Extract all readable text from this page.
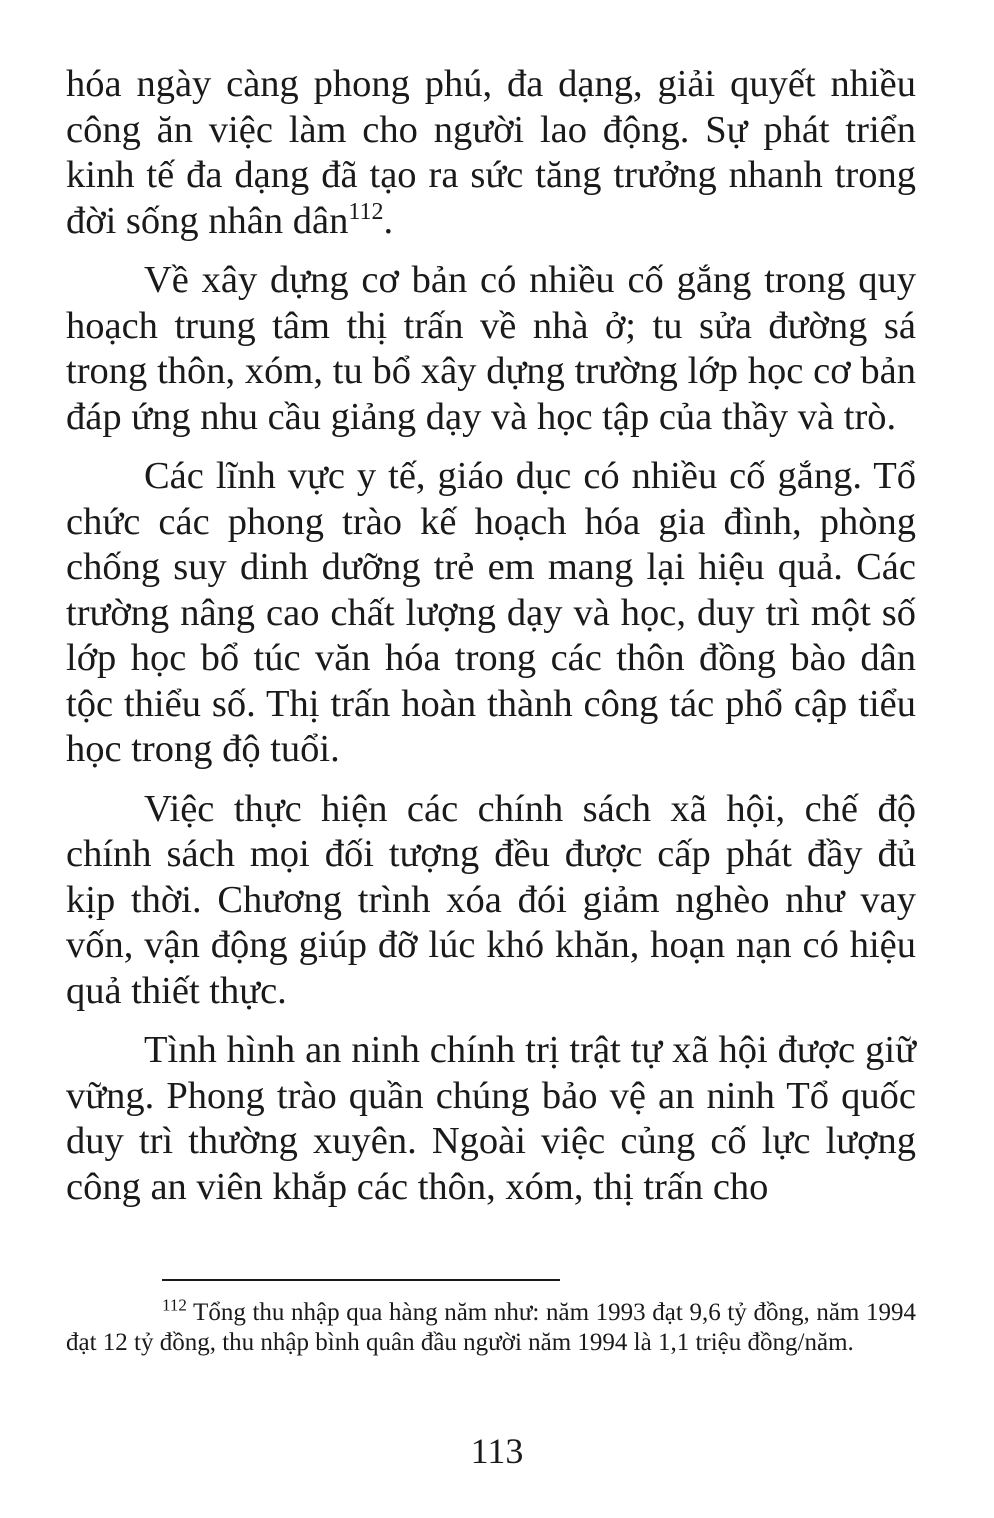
hóa ngày càng phong phú, đa dạng, giải quyết nhiều công ăn việc làm cho người lao động. Sự phát triển kinh tế đa dạng đã tạo ra sức tăng trưởng nhanh trong đời sống nhân dân$^{112}$.

Về xây dựng cơ bản có nhiều cố gắng trong quy hoạch trung tâm thị trấn về nhà ở; tu sửa đường sá trong thôn, xóm, tu bổ xây dựng trường lớp học cơ bản đáp ứng nhu cầu giảng dạy và học tập của thầy và trò.

Các lĩnh vực y tế, giáo dục có nhiều cố gắng. Tổ chức các phong trào kế hoạch hóa gia đình, phòng chống suy dinh dưỡng trẻ em mang lại hiệu quả. Các trường nâng cao chất lượng dạy và học, duy trì một số lớp học bổ túc văn hóa trong các thôn đồng bào dân tộc thiểu số. Thị trấn hoàn thành công tác phổ cập tiểu học trong độ tuổi.

Việc thực hiện các chính sách xã hội, chế độ chính sách mọi đối tượng đều được cấp phát đầy đủ kịp thời. Chương trình xóa đói giảm nghèo như vay vốn, vận động giúp đỡ lúc khó khăn, hoạn nạn có hiệu quả thiết thực.

Tình hình an ninh chính trị trật tự xã hội được giữ vững. Phong trào quần chúng bảo vệ an ninh Tổ quốc duy trì thường xuyên. Ngoài việc củng cố lực lượng công an viên khắp các thôn, xóm, thị trấn cho

$^{112}$ Tổng thu nhập qua hàng năm như: năm 1993 đạt 9,6 tỷ đồng, năm 1994 đạt 12 tỷ đồng, thu nhập bình quân đầu người năm 1994 là 1,1 triệu đồng/năm.

113
